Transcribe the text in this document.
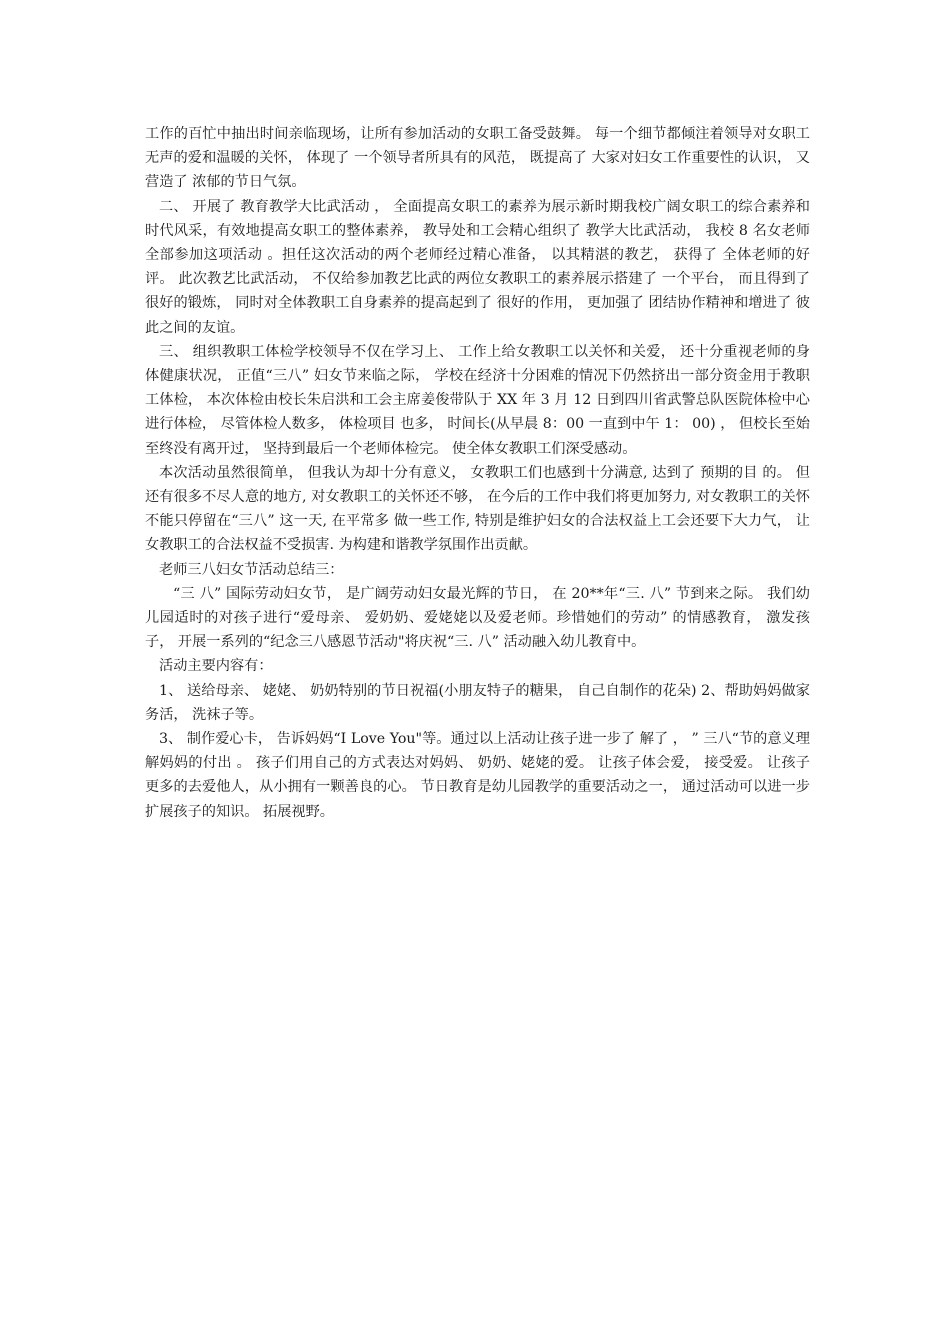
工作的百忙中抽出时间亲临现场，让所有参加活动的女职工备受鼓舞。 每一个细节都倾注着领导对女职工无声的爱和温暖的关怀， 体现了 一个领导者所具有的风范， 既提高了 大家对妇女工作重要性的认识， 又营造了 浓郁的节日气氛。

二、 开展了 教育教学大比武活动 ， 全面提高女职工的素养为展示新时期我校广阔女职工的综合素养和时代风采，有效地提高女职工的整体素养， 教导处和工会精心组织了 教学大比武活动， 我校 8 名女老师全部参加这项活动 。担任这次活动的两个老师经过精心准备， 以其精湛的教艺， 获得了 全体老师的好评。 此次教艺比武活动， 不仅给参加教艺比武的两位女教职工的素养展示搭建了 一个平台， 而且得到了 很好的锻炼， 同时对全体教职工自身素养的提高起到了 很好的作用， 更加强了 团结协作精神和增进了 彼此之间的友谊。

三、 组织教职工体检学校领导不仅在学习上、 工作上给女教职工以关怀和关爱， 还十分重视老师的身体健康状况， 正值“三八” 妇女节来临之际， 学校在经济十分困难的情况下仍然挤出一部分资金用于教职工体检， 本次体检由校长朱启洪和工会主席姜俊带队于 XX 年 3 月 12 日到四川省武警总队医院体检中心进行体检， 尽管体检人数多， 体检项目 也多， 时间长(从早晨 8：00 一直到中午 1： 00) ， 但校长至始至终没有离开过， 坚持到最后一个老师体检完。 使全体女教职工们深受感动。

本次活动虽然很简单， 但我认为却十分有意义， 女教职工们也感到十分满意, 达到了 预期的目 的。 但还有很多不尽人意的地方, 对女教职工的关怀还不够， 在今后的工作中我们将更加努力, 对女教职工的关怀不能只停留在“三八” 这一天, 在平常多 做一些工作, 特别是维护妇女的合法权益上工会还要下大力气， 让女教职工的合法权益不受损害. 为构建和谐教学氛围作出贡献。

老师三八妇女节活动总结三：

“三 八” 国际劳动妇女节， 是广阔劳动妇女最光辉的节日， 在 20**年“三. 八” 节到来之际。 我们幼儿园适时的对孩子进行“爱母亲、 爱奶奶、爱姥姥以及爱老师。珍惜她们的劳动” 的情感教育， 激发孩子， 开展一系列的“纪念三八感恩节活动"将庆祝“三. 八” 活动融入幼儿教育中。

活动主要内容有：

1、 送给母亲、 姥姥、 奶奶特别的节日祝福(小朋友特子的糖果， 自己自制作的花朵) 2、帮助妈妈做家务活， 洗袜子等。

3、 制作爱心卡， 告诉妈妈“I Love You"等。通过以上活动让孩子进一步了 解了 ， ” 三八“节的意义理解妈妈的付出 。 孩子们用自己的方式表达对妈妈、 奶奶、姥姥的爱。 让孩子体会爱， 接受爱。 让孩子更多的去爱他人，从小拥有一颗善良的心。 节日教育是幼儿园教学的重要活动之一， 通过活动可以进一步扩展孩子的知识。 拓展视野。
